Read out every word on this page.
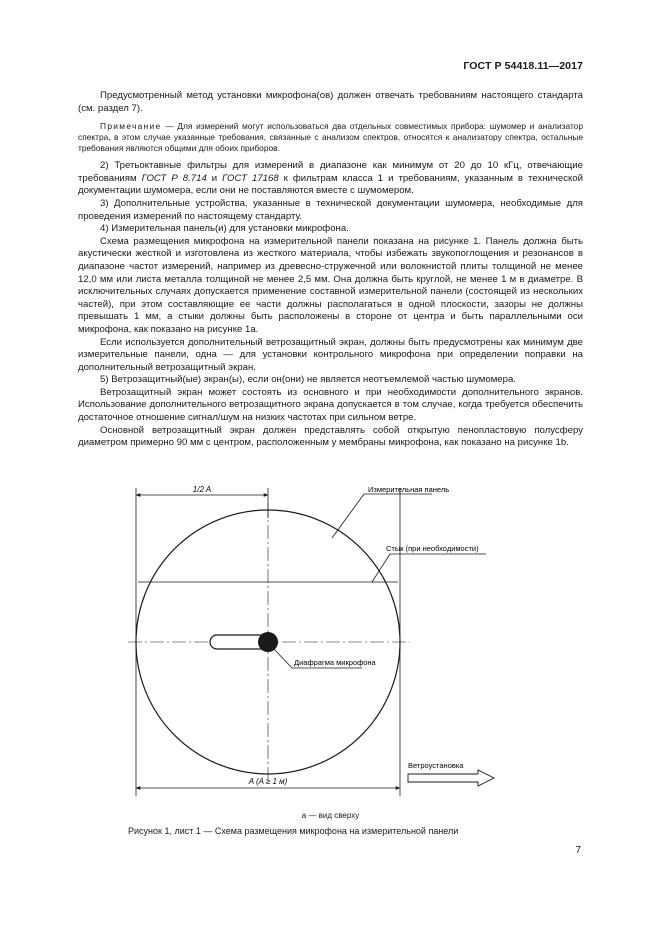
ГОСТ Р 54418.11—2017

Предусмотренный метод установки микрофона(ов) должен отвечать требованиям настоящего стандарта (см. раздел 7).

Примечание — Для измерений могут использоваться два отдельных совместимых прибора: шумомер и анализатор спектра, в этом случае указанные требования, связанные с анализом спектров, относятся к анализатору спектра, остальные требования являются общими для обоих приборов.

2) Третьоктавные фильтры для измерений в диапазоне как минимум от 20 до 10 кГц, отвечающие требованиям ГОСТ Р 8.714 и ГОСТ 17168 к фильтрам класса 1 и требованиям, указанным в технической документации шумомера, если они не поставляются вместе с шумомером.

3) Дополнительные устройства, указанные в технической документации шумомера, необходимые для проведения измерений по настоящему стандарту.

4) Измерительная панель(и) для установки микрофона.

Схема размещения микрофона на измерительной панели показана на рисунке 1. Панель должна быть акустически жесткой и изготовлена из жесткого материала, чтобы избежать звукопоглощения и резонансов в диапазоне частот измерений, например из древесно-стружечной или волокнистой плиты толщиной не менее 12,0 мм или листа металла толщиной не менее 2,5 мм. Она должна быть круглой, не менее 1 м в диаметре. В исключительных случаях допускается применение составной измерительной панели (состоящей из нескольких частей), при этом составляющие ее части должны располагаться в одной плоскости, зазоры не должны превышать 1 мм, а стыки должны быть расположены в стороне от центра и быть параллельными оси микрофона, как показано на рисунке 1а.

Если используется дополнительный ветрозащитный экран, должны быть предусмотрены как минимум две измерительные панели, одна — для установки контрольного микрофона при определении поправки на дополнительный ветрозащитный экран.

5) Ветрозащитный(ые) экран(ы), если он(они) не является неотъемлемой частью шумомера.

Ветрозащитный экран может состоять из основного и при необходимости дополнительного экранов. Использование дополнительного ветрозащитного экрана допускается в том случае, когда требуется обеспечить достаточное отношение сигнал/шум на низких частотах при сильном ветре.

Основной ветрозащитный экран должен представлять собой открытую пенопластовую полусферу диаметром примерно 90 мм с центром, расположенным у мембраны микрофона, как показано на рисунке 1b.

1/2 A	Измерительная панель
Стык (при необходимости)
Диафрагма микрофона
A (A ≥ 1 м)
Ветроустановка
а — вид сверху
Рисунок 1, лист 1 — Схема размещения микрофона на измерительной панели
7
